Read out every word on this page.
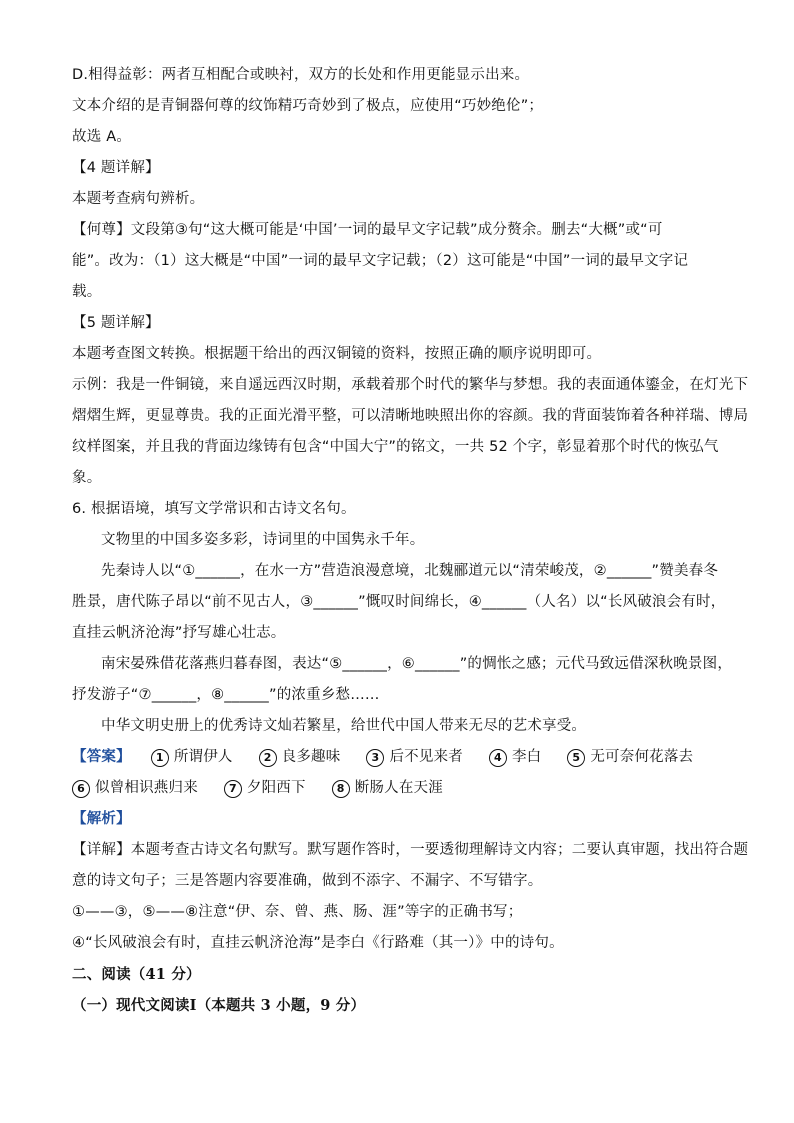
D.相得益彰：两者互相配合或映衬，双方的长处和作用更能显示出来。
文本介绍的是青铜器何尊的纹饰精巧奇妙到了极点，应使用“巧妙绝伦”；
故选 A。
【4 题详解】
本题考查病句辨析。
【何尊】文段第③句“这大概可能是‘中国’一词的最早文字记载”成分赘余。删去“大概”或“可
能”。改为：（1）这大概是“中国”一词的最早文字记载；（2）这可能是“中国”一词的最早文字记
载。
【5 题详解】
本题考查图文转换。根据题干给出的西汉铜镜的资料，按照正确的顺序说明即可。
示例：我是一件铜镜，来自遥远西汉时期，承载着那个时代的繁华与梦想。我的表面通体鎏金，在灯光下
熠熠生辉，更显尊贵。我的正面光滑平整，可以清晰地映照出你的容颜。我的背面装饰着各种祥瑞、博局
纹样图案，并且我的背面边缘铸有包含“中国大宁”的铭文，一共 52 个字，彰显着那个时代的恢弘气
象。
6. 根据语境，填写文学常识和古诗文名句。
文物里的中国多姿多彩，诗词里的中国隽永千年。
先秦诗人以“①______，在水一方”营造浪漫意境，北魏郦道元以“清荣峻茂，②______”赞美春冬
胜景，唐代陈子昂以“前不见古人，③______”慨叹时间绵长，④______（人名）以“长风破浪会有时，
直挂云帆济沧海”抒写雄心壮志。
南宋晏殊借花落燕归暮春图，表达“⑤______，⑥______”的惆怅之感；元代马致远借深秋晚景图，
抒发游子“⑦______，⑧______”的浓重乡愁……
中华文明史册上的优秀诗文灿若繁星，给世代中国人带来无尽的艺术享受。
【答案】	1 所谓伊人	2 良多趣味	3 后不见来者	4 李白	5 无可奈何花落去
6 似曾相识燕归来	7 夕阳西下	8 断肠人在天涯
【解析】
【详解】本题考查古诗文名句默写。默写题作答时，一要透彻理解诗文内容；二要认真审题，找出符合题
意的诗文句子；三是答题内容要准确，做到不添字、不漏字、不写错字。
①——③，⑤——⑧注意“伊、奈、曾、燕、肠、涯”等字的正确书写；
④“长风破浪会有时，直挂云帆济沧海”是李白《行路难（其一）》中的诗句。
二、阅读（41 分）
（一）现代文阅读Ⅰ（本题共 3 小题，9 分）
